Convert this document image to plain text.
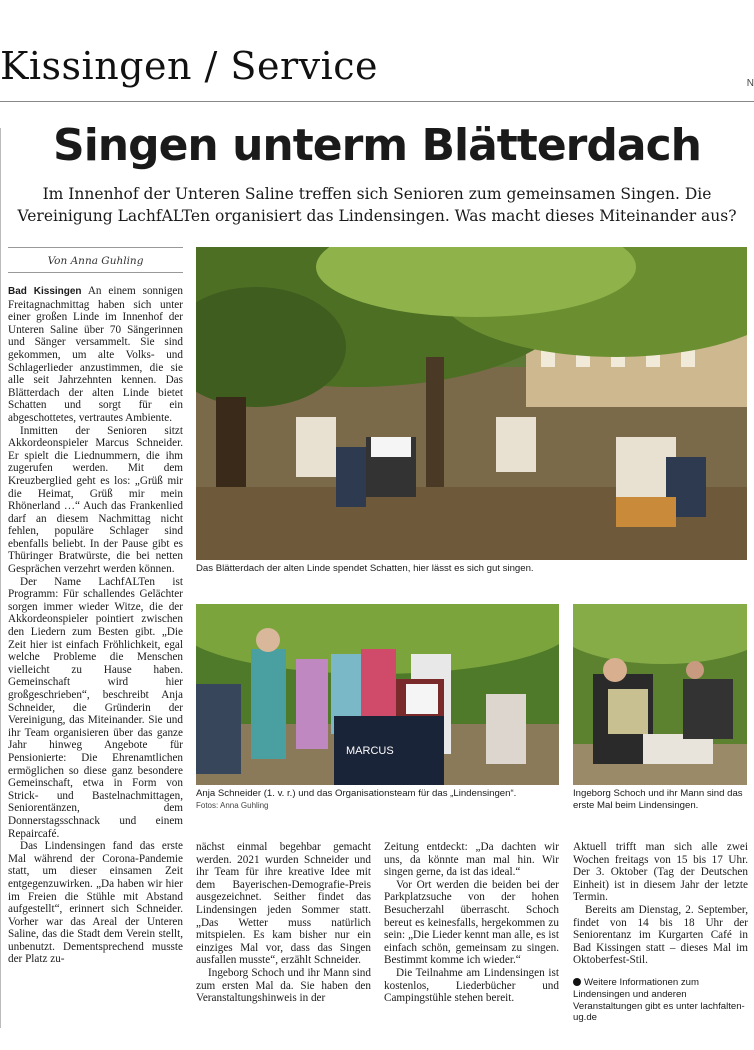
Kissingen / Service	N
Singen unterm Blätterdach
Im Innenhof der Unteren Saline treffen sich Senioren zum gemeinsamen Singen. Die Vereinigung LachfALTen organisiert das Lindensingen. Was macht dieses Miteinander aus?
Von Anna Guhling

Bad Kissingen An einem sonnigen Freitagnachmittag haben sich unter einer großen Linde im Innenhof der Unteren Saline über 70 Sängerinnen und Sänger versammelt. Sie sind gekommen, um alte Volks- und Schlagerlieder anzustimmen, die sie alle seit Jahrzehnten kennen. Das Blätterdach der alten Linde bietet Schatten und sorgt für ein abgeschottetes, vertrautes Ambiente.

Inmitten der Senioren sitzt Akkordeonspieler Marcus Schneider. Er spielt die Liednummern, die ihm zugerufen werden. Mit dem Kreuzberglied geht es los: „Grüß mir die Heimat, Grüß mir mein Rhönerland …“ Auch das Frankenlied darf an diesem Nachmittag nicht fehlen, populäre Schlager sind ebenfalls beliebt. In der Pause gibt es Thüringer Bratwürste, die bei netten Gesprächen verzehrt werden können.

Der Name LachfALTen ist Programm: Für schallendes Gelächter sorgen immer wieder Witze, die der Akkordeonspieler pointiert zwischen den Liedern zum Besten gibt. „Die Zeit hier ist einfach Fröhlichkeit, egal welche Probleme die Menschen vielleicht zu Hause haben. Gemeinschaft wird hier großgeschrieben“, beschreibt Anja Schneider, die Gründerin der Vereinigung, das Miteinander. Sie und ihr Team organisieren über das ganze Jahr hinweg Angebote für Pensionierte: Die Ehrenamtlichen ermöglichen so diese ganz besondere Gemeinschaft, etwa in Form von Strick- und Bastelnachmittagen, Seniorentänzen, dem Donnerstagsschnack und einem Repaircafé.

Das Lindensingen fand das erste Mal während der Corona-Pandemie statt, um dieser einsamen Zeit entgegenzuwirken. „Da haben wir hier im Freien die Stühle mit Abstand aufgestellt“, erinnert sich Schneider. Vorher war das Areal der Unteren Saline, das die Stadt dem Verein stellt, unbenutzt. Dementsprechend musste der Platz zu-

Das Blätterdach der alten Linde spendet Schatten, hier lässt es sich gut singen.
MARCUS
Anja Schneider (1. v. r.) und das Organisationsteam für das „Lindensingen“.
Fotos: Anna Guhling
Ingeborg Schoch und ihr Mann sind das erste Mal beim Lindensingen.

nächst einmal begehbar gemacht werden. 2021 wurden Schneider und ihr Team für ihre kreative Idee mit dem Bayerischen-Demografie-Preis ausgezeichnet. Seither findet das Lindensingen jeden Sommer statt. „Das Wetter muss natürlich mitspielen. Es kam bisher nur ein einziges Mal vor, dass das Singen ausfallen musste“, erzählt Schneider.

Ingeborg Schoch und ihr Mann sind zum ersten Mal da. Sie haben den Veranstaltungshinweis in der

Zeitung entdeckt: „Da dachten wir uns, da könnte man mal hin. Wir singen gerne, da ist das ideal.“

Vor Ort werden die beiden bei der Parkplatzsuche von der hohen Besucherzahl überrascht. Schoch bereut es keinesfalls, hergekommen zu sein: „Die Lieder kennt man alle, es ist einfach schön, gemeinsam zu singen. Bestimmt komme ich wieder.“

Die Teilnahme am Lindensingen ist kostenlos, Liederbücher und Campingstühle stehen bereit.

Aktuell trifft man sich alle zwei Wochen freitags von 15 bis 17 Uhr. Der 3. Oktober (Tag der Deutschen Einheit) ist in diesem Jahr der letzte Termin.

Bereits am Dienstag, 2. September, findet von 14 bis 18 Uhr der Seniorentanz im Kurgarten Café in Bad Kissingen statt – dieses Mal im Oktoberfest-Stil.

Weitere Informationen zum Lindensingen und anderen Veranstaltungen gibt es unter lachfalten-ug.de
